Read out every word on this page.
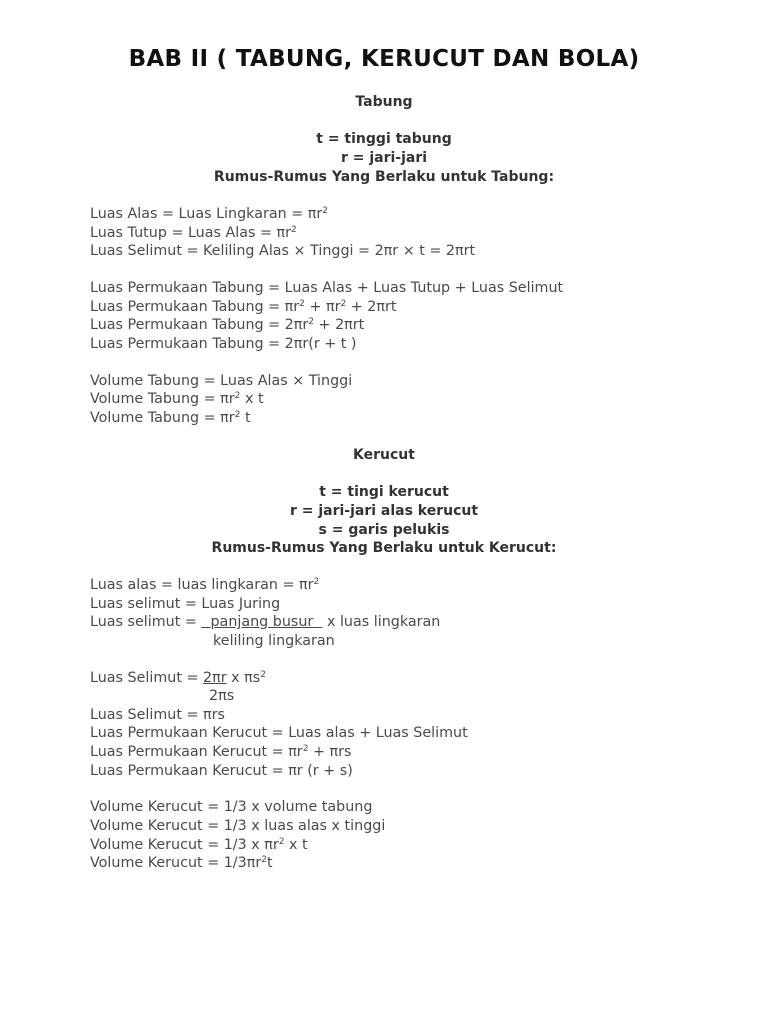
BAB II ( TABUNG, KERUCUT DAN BOLA)
Tabung
t = tinggi tabung
r = jari-jari
Rumus-Rumus Yang Berlaku untuk Tabung:
Luas Alas = Luas Lingkaran = $\pi r^2$
Luas Tutup = Luas Alas = $\pi r^2$
Luas Selimut = Keliling Alas × Tinggi = 2πr × t = 2πrt
Luas Permukaan Tabung = Luas Alas + Luas Tutup + Luas Selimut
Luas Permukaan Tabung = $\pi r^2 + \pi r^2 + 2\pi rt$
Luas Permukaan Tabung = $2\pi r^2 + 2\pi rt$
Luas Permukaan Tabung = 2πr(r + t )
Volume Tabung = Luas Alas × Tinggi
Volume Tabung = $\pi r^2$ x t
Volume Tabung = $\pi r^2$ t
Kerucut
t = tingi kerucut
r = jari-jari alas kerucut
s = garis pelukis
Rumus-Rumus Yang Berlaku untuk Kerucut:
Luas alas = luas lingkaran = $\pi r^2$
Luas selimut = Luas Juring
Luas selimut =   panjang busur   x luas lingkaran
keliling lingkaran
Luas Selimut = 2πr x $\pi s^2$
2πs
Luas Selimut = πrs
Luas Permukaan Kerucut = Luas alas + Luas Selimut
Luas Permukaan Kerucut = $\pi r^2 + \pi rs$
Luas Permukaan Kerucut = πr (r + s)
Volume Kerucut = 1/3 x volume tabung
Volume Kerucut = 1/3 x luas alas x tinggi
Volume Kerucut = 1/3 x $\pi r^2$ x t
Volume Kerucut = $1/3\pi r^2t$
